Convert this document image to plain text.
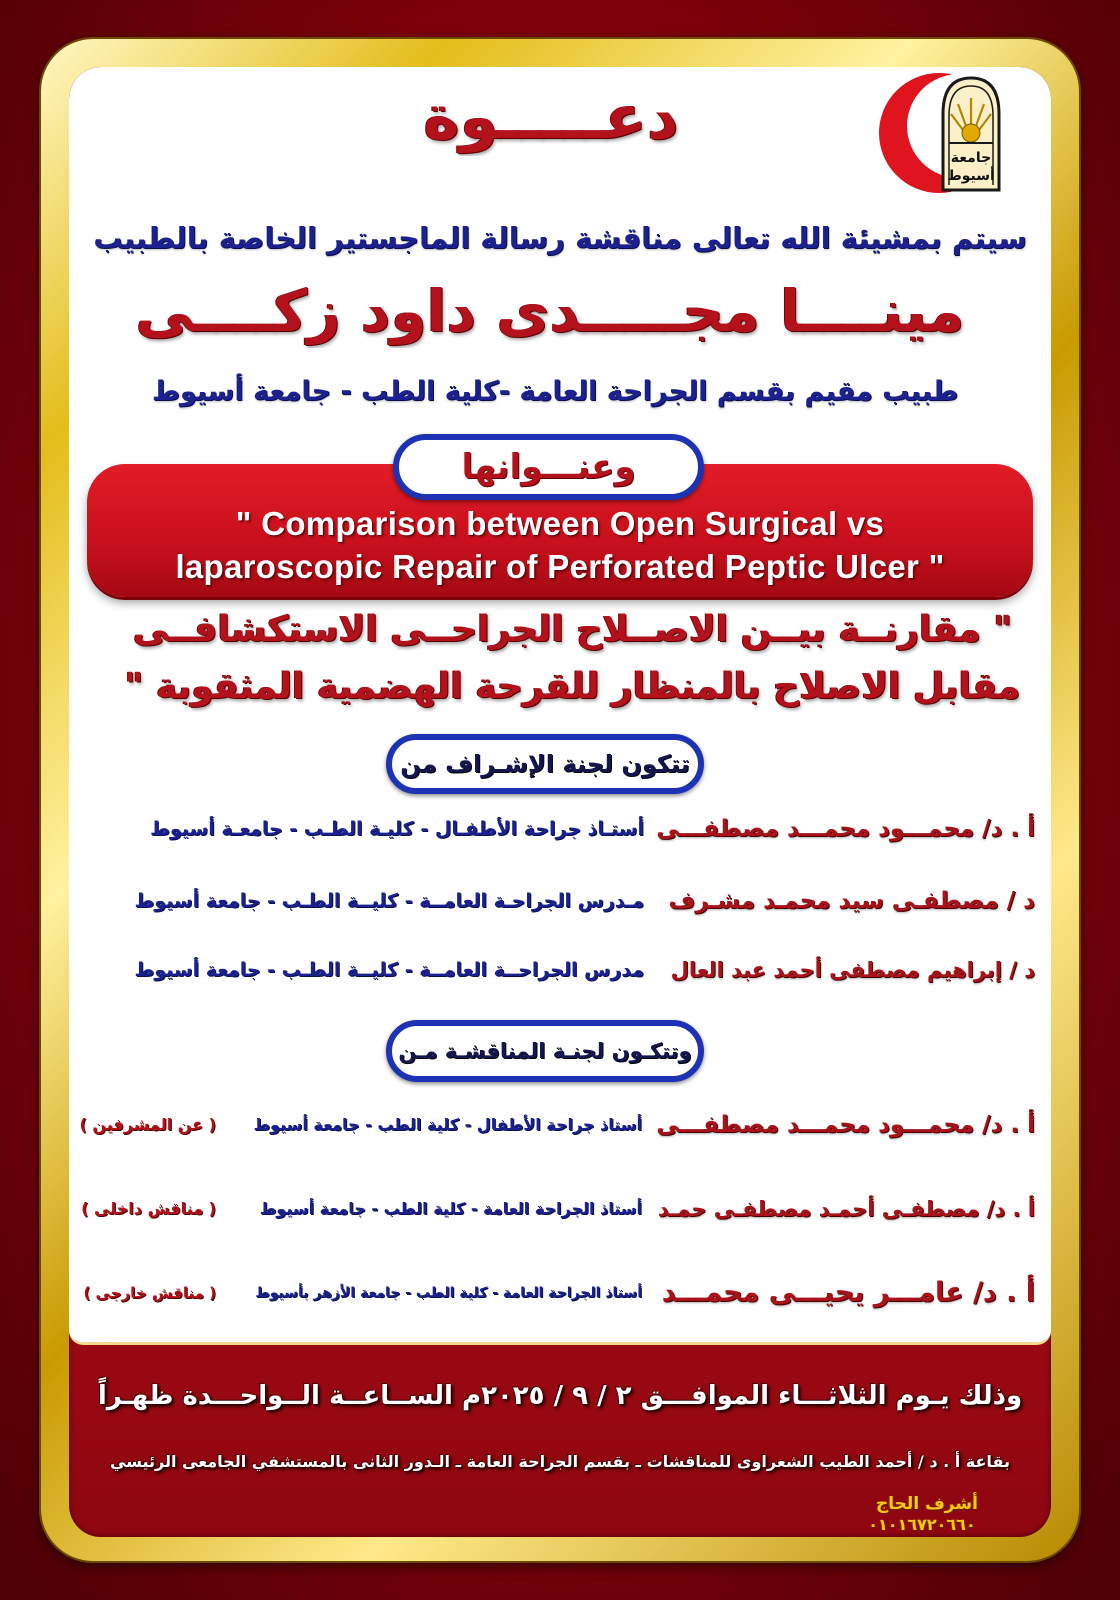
جامعة
أسيوط
دعـــــوة
سيتم بمشيئة الله تعالى مناقشة رسالة الماجستير الخاصة بالطبيب
مينــــا مجـــــدى داود زكــــى
طبيب مقيم بقسم الجراحة العامة -كلية الطب - جامعة أسيوط
وعنـــوانها
" Comparison between Open Surgical vs
laparoscopic Repair of Perforated Peptic Ulcer "
" مقارنــة بيــن الاصــلاح الجراحــى الاستكشافــى
مقابل الاصلاح بالمنظار للقرحة الهضمية المثقوبة "
تتكون لجنة الإشـراف من
أ . د/ محمـــود محمـــد مصطفـــى
أستـاذ جراحة الأطفـال - كليـة الطـب - جامعـة أسيوط
د / مصطفـى سيد محمـد مشـرف
مـدرس الجراحـة العامــة - كليــة الطـب - جامعة أسيوط
د / إبراهيم مصطفى أحمد عبد العال
مدرس الجراحــة العامــة - كليــة الطـب - جامعة أسيوط
وتتكـون لجنـة المناقشـة مـن
أ . د/ محمـــود محمـــد مصطفـــى
أستاذ جراحة الأطفال - كلية الطب - جامعة أسيوط
( عن المشرفين )
أ . د/ مصطفـى أحمـد مصطفـى حمـد
أستاذ الجراحة العامة - كلية الطب - جامعة أسيوط
( مناقش داخلى )
أ . د/ عامـــر يحيـــى محمـــد
أستاذ الجراحة العامة - كلية الطب - جامعة الأزهر بأسيوط
( مناقش خارجى )
وذلك يـوم الثلاثـــاء الموافـــق ٢ / ٩ / ٢٠٢٥م الســاعــة الــواحـــدة ظهـراً
بقاعة أ . د / أحمد الطيب الشعراوى للمناقشات ـ بقسم الجراحة العامة ـ الـدور الثانى بالمستشفي الجامعى الرئيسي
أشرف الحاج
٠١٠١٦٧٢٠٦٦٠
